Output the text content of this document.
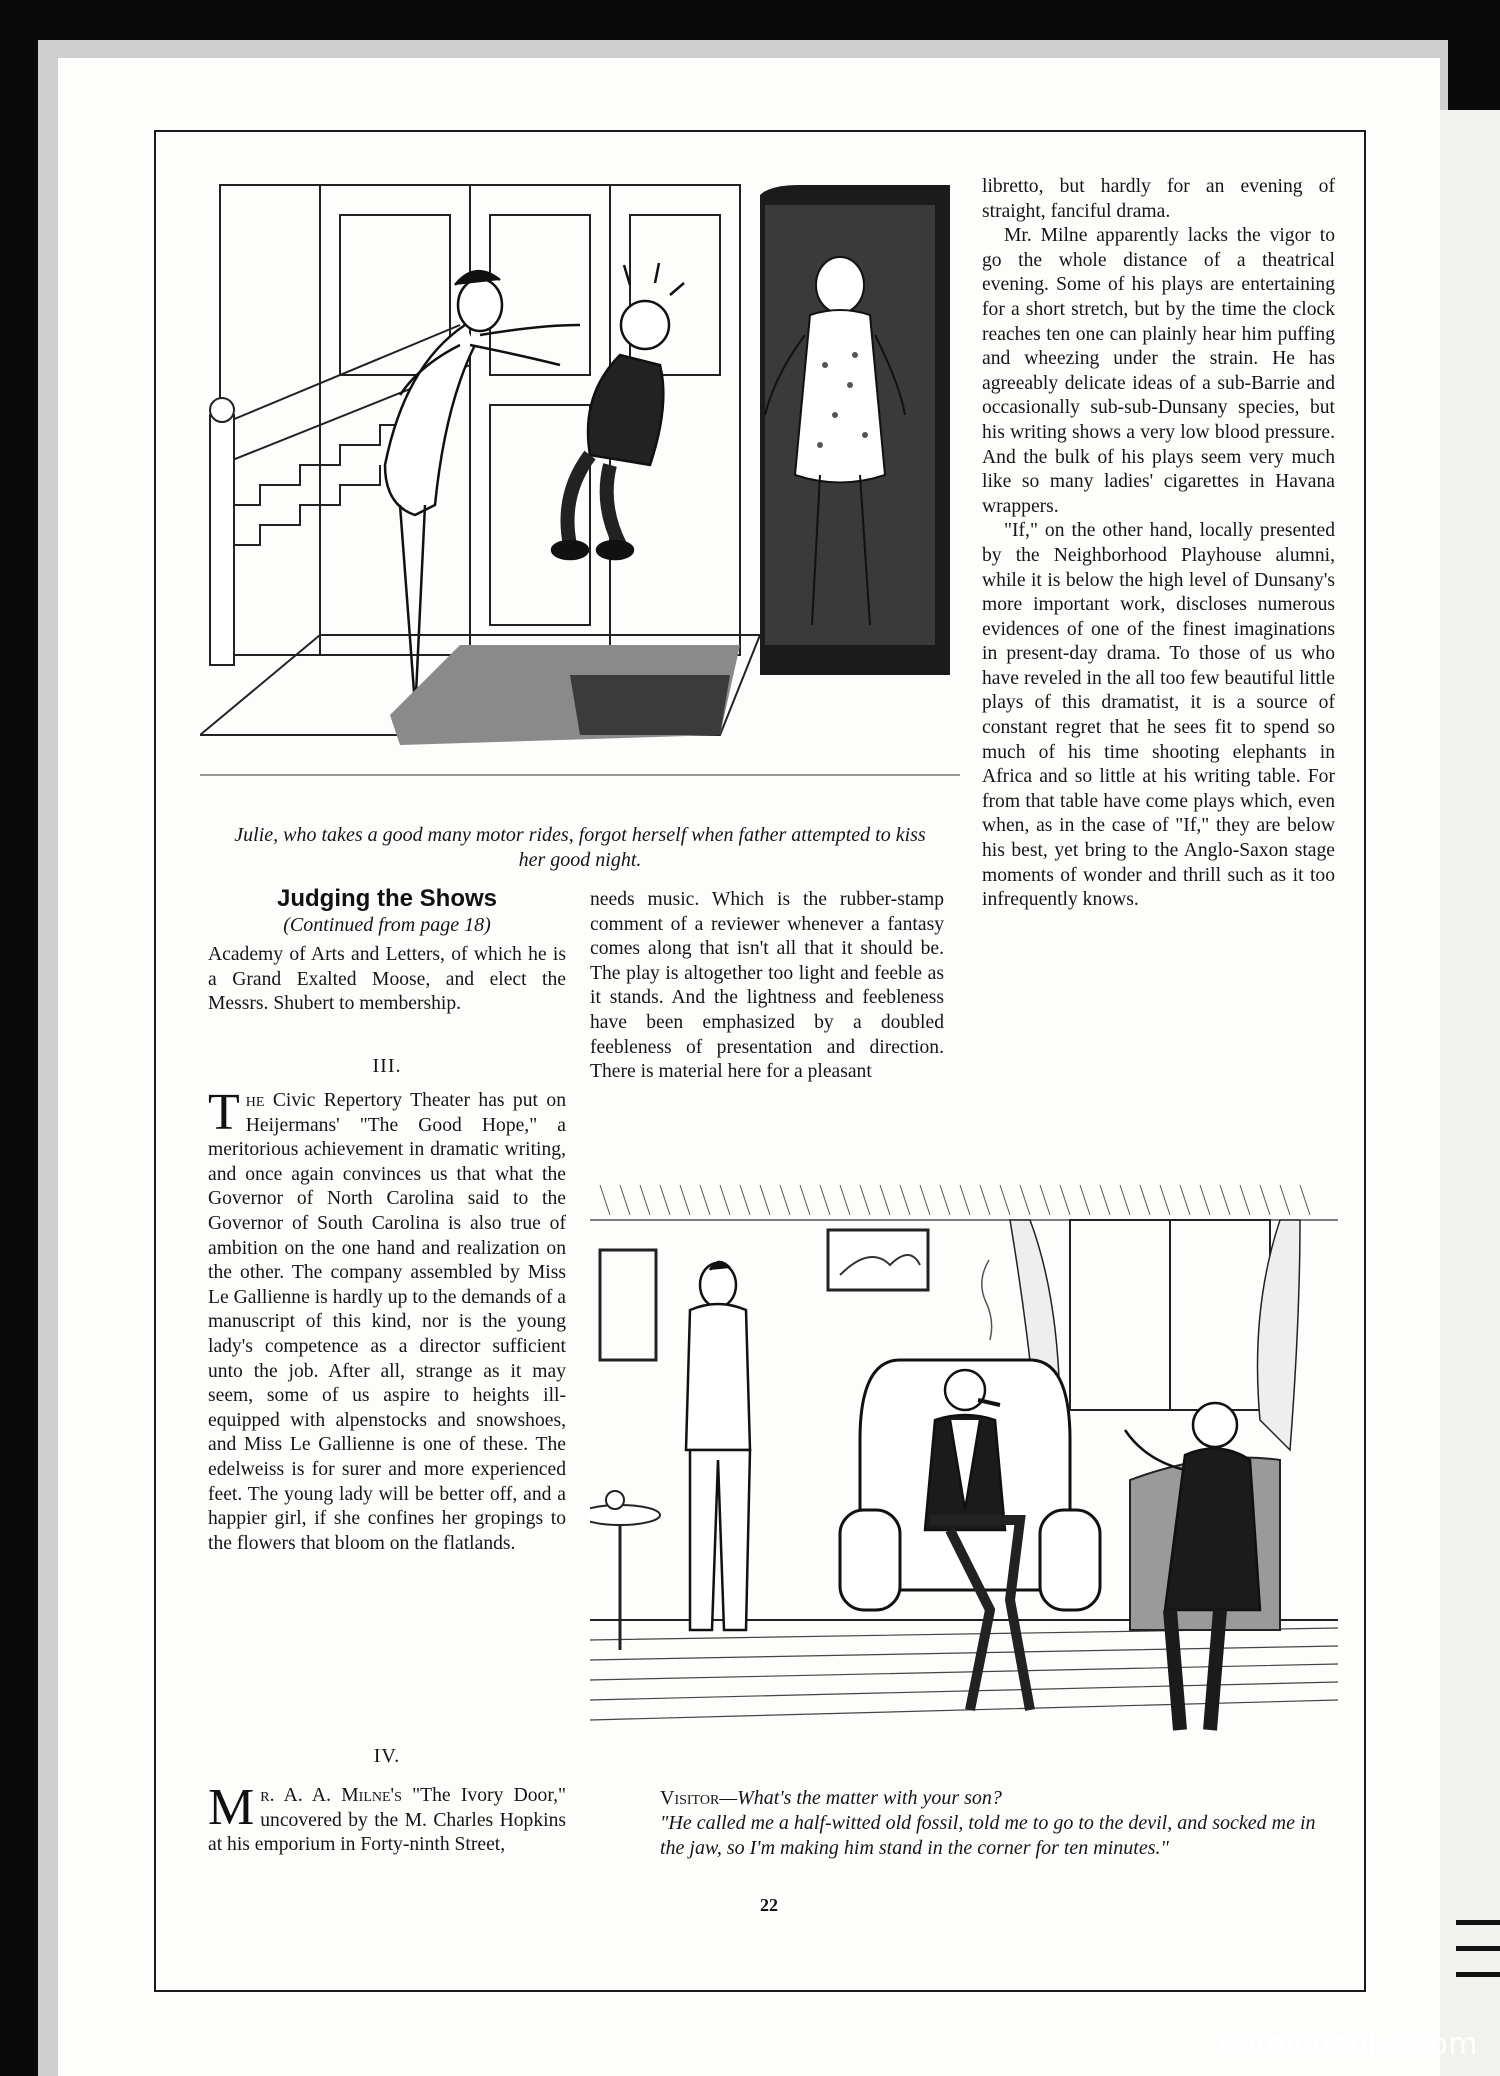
Julie, who takes a good many motor rides, forgot herself when father attempted to kiss her good night.

libretto, but hardly for an evening of straight, fanciful drama.

Mr. Milne apparently lacks the vigor to go the whole distance of a theatrical evening. Some of his plays are entertaining for a short stretch, but by the time the clock reaches ten one can plainly hear him puffing and wheezing under the strain. He has agreeably delicate ideas of a sub-Barrie and occasionally sub-sub-Dunsany species, but his writing shows a very low blood pressure. And the bulk of his plays seem very much like so many ladies' cigarettes in Havana wrappers.

"If," on the other hand, locally presented by the Neighborhood Playhouse alumni, while it is below the high level of Dunsany's more important work, discloses numerous evidences of one of the finest imaginations in present-day drama. To those of us who have reveled in the all too few beautiful little plays of this dramatist, it is a source of constant regret that he sees fit to spend so much of his time shooting elephants in Africa and so little at his writing table. For from that table have come plays which, even when, as in the case of "If," they are below his best, yet bring to the Anglo-Saxon stage moments of wonder and thrill such as it too infrequently knows.

Judging the Shows
(Continued from page 18)

Academy of Arts and Letters, of which he is a Grand Exalted Moose, and elect the Messrs. Shubert to membership.

III.

The Civic Repertory Theater has put on Heijermans' "The Good Hope," a meritorious achievement in dramatic writing, and once again convinces us that what the Governor of North Carolina said to the Governor of South Carolina is also true of ambition on the one hand and realization on the other. The company assembled by Miss Le Gallienne is hardly up to the demands of a manuscript of this kind, nor is the young lady's competence as a director sufficient unto the job. After all, strange as it may seem, some of us aspire to heights ill-equipped with alpenstocks and snowshoes, and Miss Le Gallienne is one of these. The edelweiss is for surer and more experienced feet. The young lady will be better off, and a happier girl, if she confines her gropings to the flowers that bloom on the flatlands.

IV.

Mr. A. A. Milne's "The Ivory Door," uncovered by the M. Charles Hopkins at his emporium in Forty-ninth Street,

needs music. Which is the rubber-stamp comment of a reviewer whenever a fantasy comes along that isn't all that it should be. The play is altogether too light and feeble as it stands. And the lightness and feebleness have been emphasized by a doubled feebleness of presentation and direction. There is material here for a pleasant

Visitor—What's the matter with your son?
"He called me a half-witted old fossil, told me to go to the devil, and socked me in the jaw, so I'm making him stand in the corner for ten minutes."
22
comicbooks.com
